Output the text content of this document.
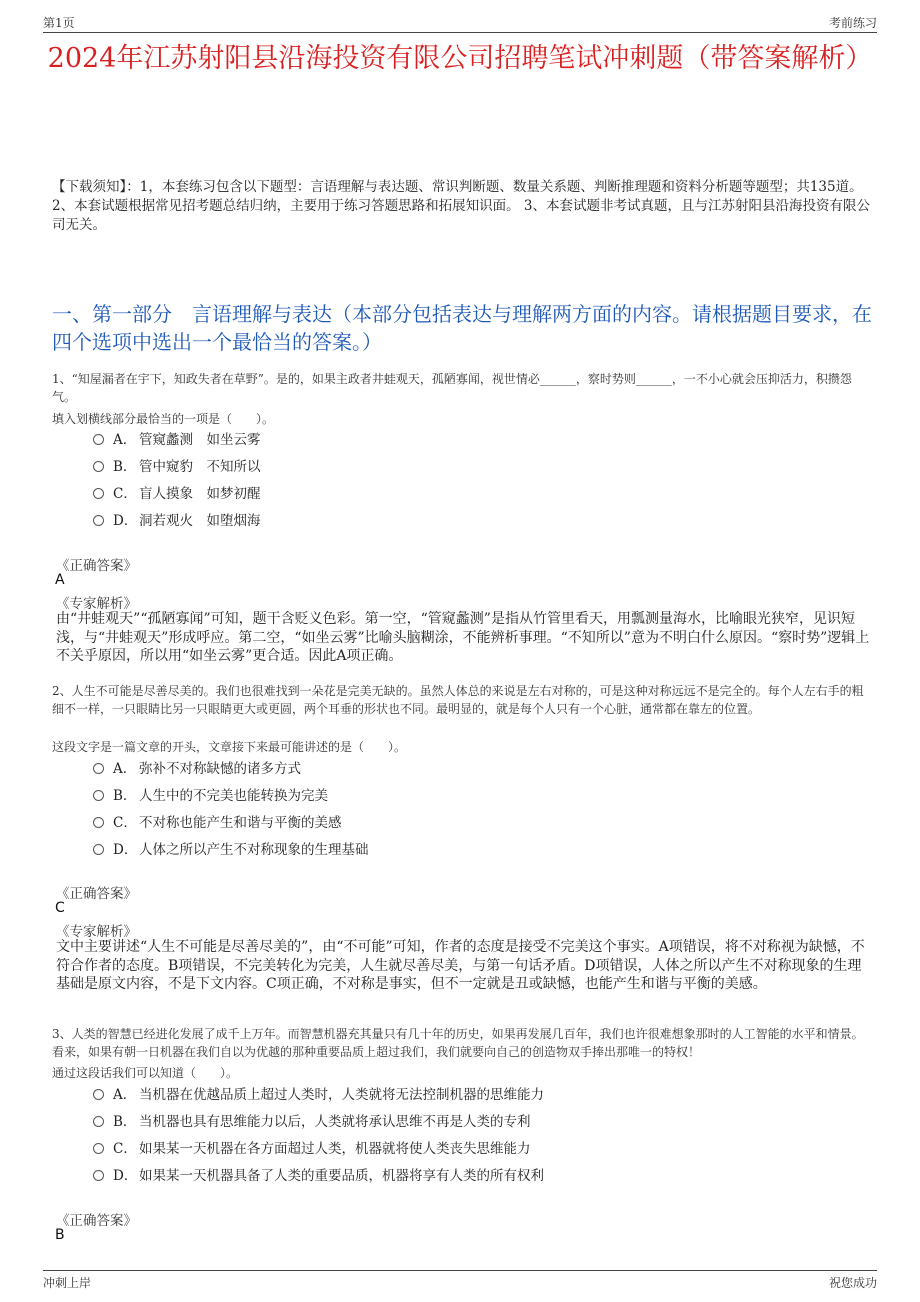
第1页	考前练习
2024年江苏射阳县沿海投资有限公司招聘笔试冲刺题（带答案解析）
【下载须知】：1，本套练习包含以下题型：言语理解与表达题、常识判断题、数量关系题、判断推理题和资料分析题等题型；共135道。 2、本套试题根据常见招考题总结归纳，主要用于练习答题思路和拓展知识面。 3、本套试题非考试真题，且与江苏射阳县沿海投资有限公司无关。
一、第一部分　言语理解与表达（本部分包括表达与理解两方面的内容。请根据题目要求，在四个选项中选出一个最恰当的答案。）
1、“知屋漏者在宇下，知政失者在草野”。是的，如果主政者井蛙观天，孤陋寡闻，视世情必______，察时势则______，一不小心就会压抑活力，积攒怨气。
填入划横线部分最恰当的一项是（　　）。
A． 管窥蠡测　如坐云雾
B． 管中窥豹　不知所以
C． 盲人摸象　如梦初醒
D． 洞若观火　如堕烟海
《正确答案》
A
《专家解析》
由“井蛙观天”“孤陋寡闻”可知，题干含贬义色彩。第一空，“管窥蠡测”是指从竹管里看天，用瓢测量海水，比喻眼光狭窄，见识短浅，与“井蛙观天”形成呼应。第二空，“如坐云雾”比喻头脑糊涂，不能辨析事理。“不知所以”意为不明白什么原因。“察时势”逻辑上不关乎原因，所以用“如坐云雾”更合适。因此A项正确。
2、人生不可能是尽善尽美的。我们也很难找到一朵花是完美无缺的。虽然人体总的来说是左右对称的，可是这种对称远远不是完全的。每个人左右手的粗细不一样，一只眼睛比另一只眼睛更大或更圆，两个耳垂的形状也不同。最明显的，就是每个人只有一个心脏，通常都在靠左的位置。
这段文字是一篇文章的开头，文章接下来最可能讲述的是（　　）。
A． 弥补不对称缺憾的诸多方式
B． 人生中的不完美也能转换为完美
C． 不对称也能产生和谐与平衡的美感
D． 人体之所以产生不对称现象的生理基础
《正确答案》
C
《专家解析》
文中主要讲述“人生不可能是尽善尽美的”，由“不可能”可知，作者的态度是接受不完美这个事实。A项错误，将不对称视为缺憾，不符合作者的态度。B项错误，不完美转化为完美，人生就尽善尽美，与第一句话矛盾。D项错误，人体之所以产生不对称现象的生理基础是原文内容，不是下文内容。C项正确，不对称是事实，但不一定就是丑或缺憾，也能产生和谐与平衡的美感。
3、人类的智慧已经进化发展了成千上万年。而智慧机器充其量只有几十年的历史，如果再发展几百年，我们也许很难想象那时的人工智能的水平和情景。看来，如果有朝一日机器在我们自以为优越的那种重要品质上超过我们，我们就要向自己的创造物双手捧出那唯一的特权！
通过这段话我们可以知道（　　）。
A． 当机器在优越品质上超过人类时，人类就将无法控制机器的思维能力
B． 当机器也具有思维能力以后，人类就将承认思维不再是人类的专利
C． 如果某一天机器在各方面超过人类，机器就将使人类丧失思维能力
D． 如果某一天机器具备了人类的重要品质，机器将享有人类的所有权利
《正确答案》
B
冲刺上岸	祝您成功
